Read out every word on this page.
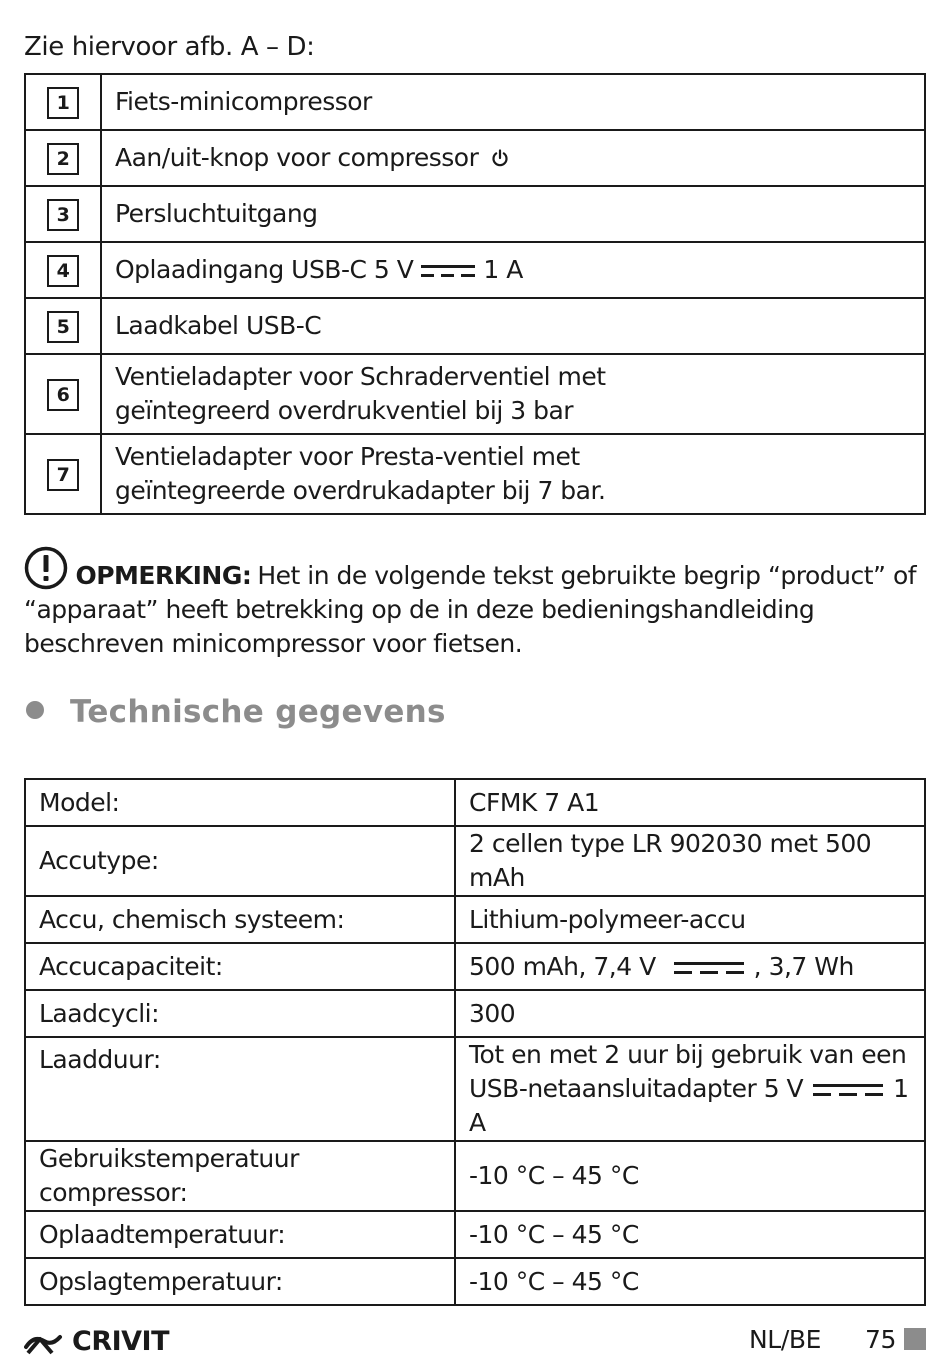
Zie hiervoor afb. A – D:
1	Fiets-minicompressor
2	Aan/uit-knop voor compressor
3	Persluchtuitgang
4	Oplaadingang USB-C 5 V 1 A
5	Laadkabel USB-C
6	Ventieladapter voor Schraderventiel met geïntegreerd overdrukventiel bij 3 bar
7	Ventieladapter voor Presta-ventiel met geïntegreerde overdrukadapter bij 7 bar.
OPMERKING: Het in de volgende tekst gebruikte begrip “product” of “apparaat” heeft betrekking op de in deze bedieningshandleiding beschreven minicompressor voor fietsen.
Technische gegevens
Model:	CFMK 7 A1
Accutype:	2 cellen type LR 902030 met 500 mAh
Accu, chemisch systeem:	Lithium-polymeer-accu
Accucapaciteit:	500 mAh, 7,4 V , 3,7 Wh
Laadcycli:	300
Laadduur:	Tot en met 2 uur bij gebruik van een
USB-netaansluitadapter 5 V 1 A

Gebruikstemperatuur compressor:	-10 °C – 45 °C
Oplaadtemperatuur:	-10 °C – 45 °C
Opslagtemperatuur:	-10 °C – 45 °C
CRIVIT	NL/BE 75
